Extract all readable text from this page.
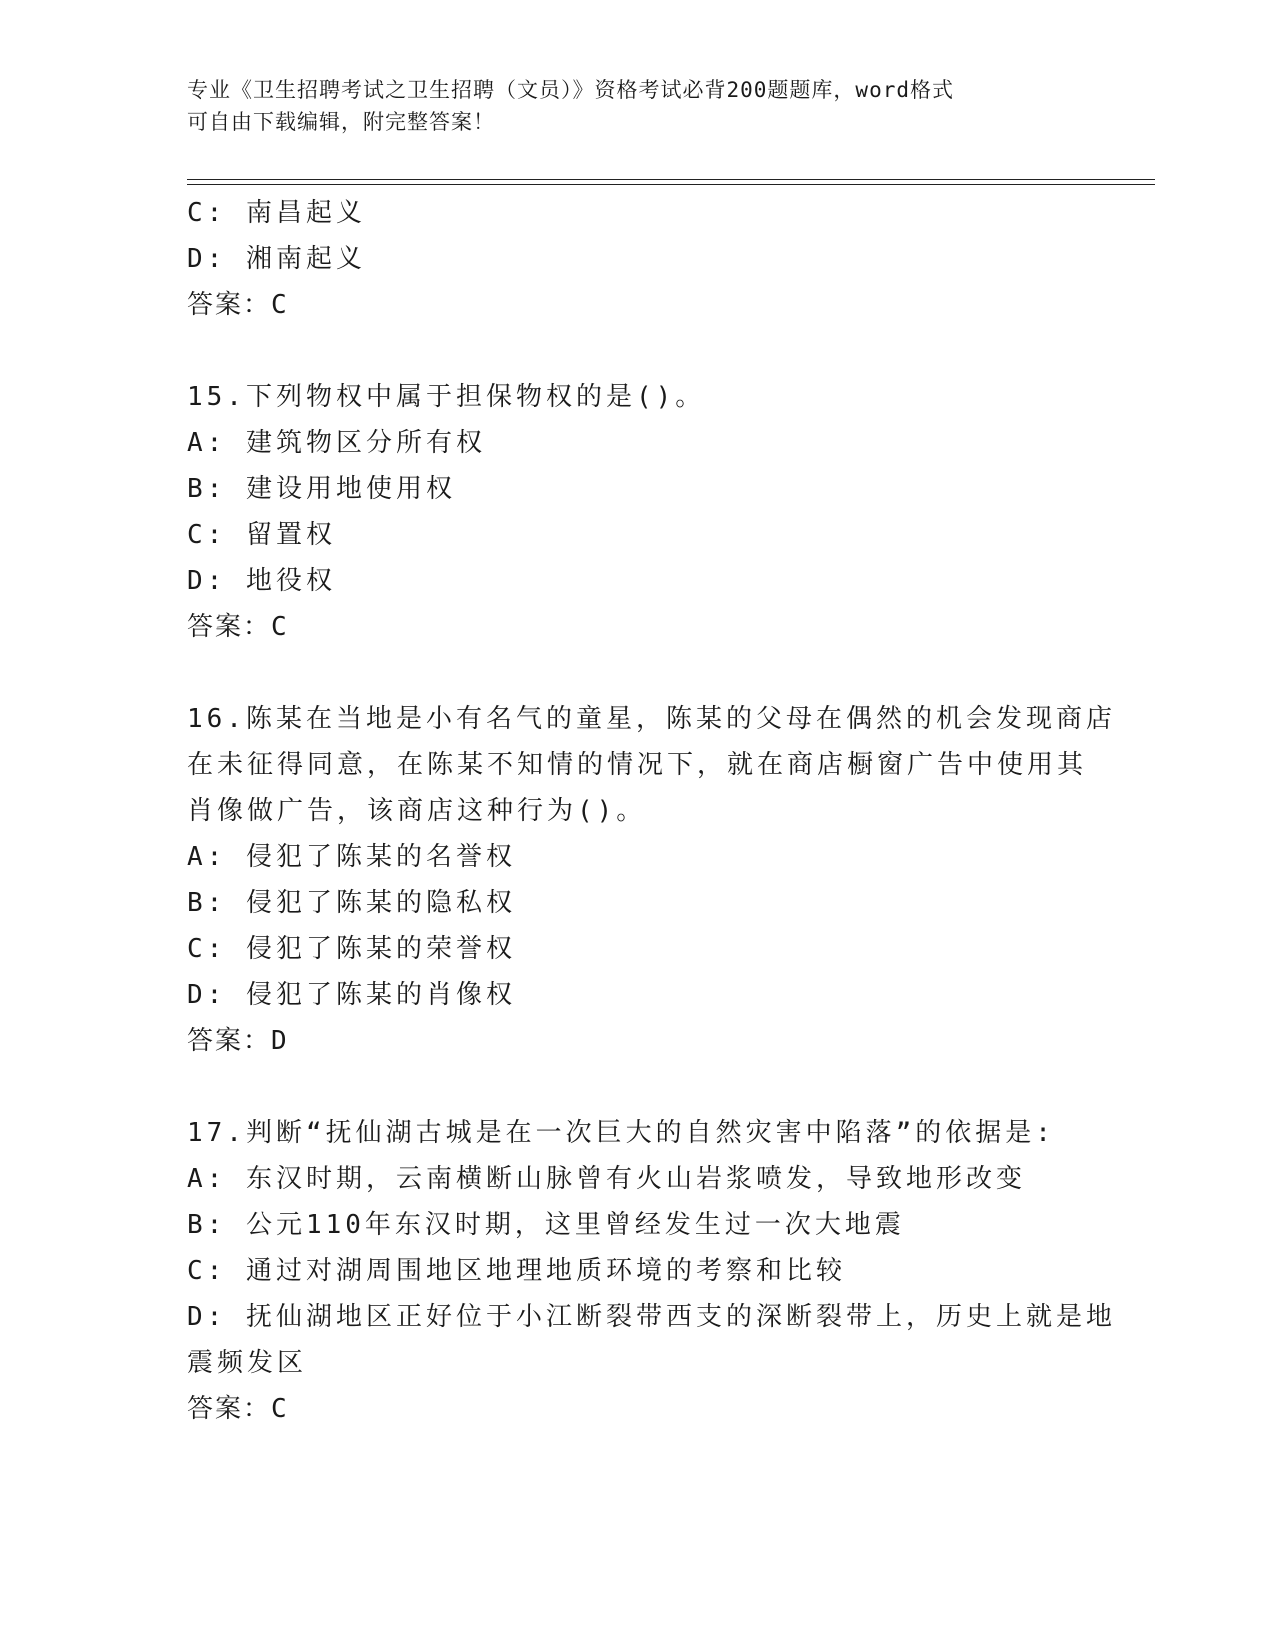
专业《卫生招聘考试之卫生招聘（文员）》资格考试必背200题题库，word格式
可自由下载编辑，附完整答案！
C: 南昌起义
D: 湘南起义
答案：C
15.下列物权中属于担保物权的是()。
A: 建筑物区分所有权
B: 建设用地使用权
C: 留置权
D: 地役权
答案：C
16.陈某在当地是小有名气的童星，陈某的父母在偶然的机会发现商店
在未征得同意，在陈某不知情的情况下，就在商店橱窗广告中使用其
肖像做广告，该商店这种行为()。
A: 侵犯了陈某的名誉权
B: 侵犯了陈某的隐私权
C: 侵犯了陈某的荣誉权
D: 侵犯了陈某的肖像权
答案：D
17.判断“抚仙湖古城是在一次巨大的自然灾害中陷落”的依据是:
A: 东汉时期，云南横断山脉曾有火山岩浆喷发，导致地形改变
B: 公元110年东汉时期，这里曾经发生过一次大地震
C: 通过对湖周围地区地理地质环境的考察和比较
D: 抚仙湖地区正好位于小江断裂带西支的深断裂带上，历史上就是地
震频发区
答案：C
